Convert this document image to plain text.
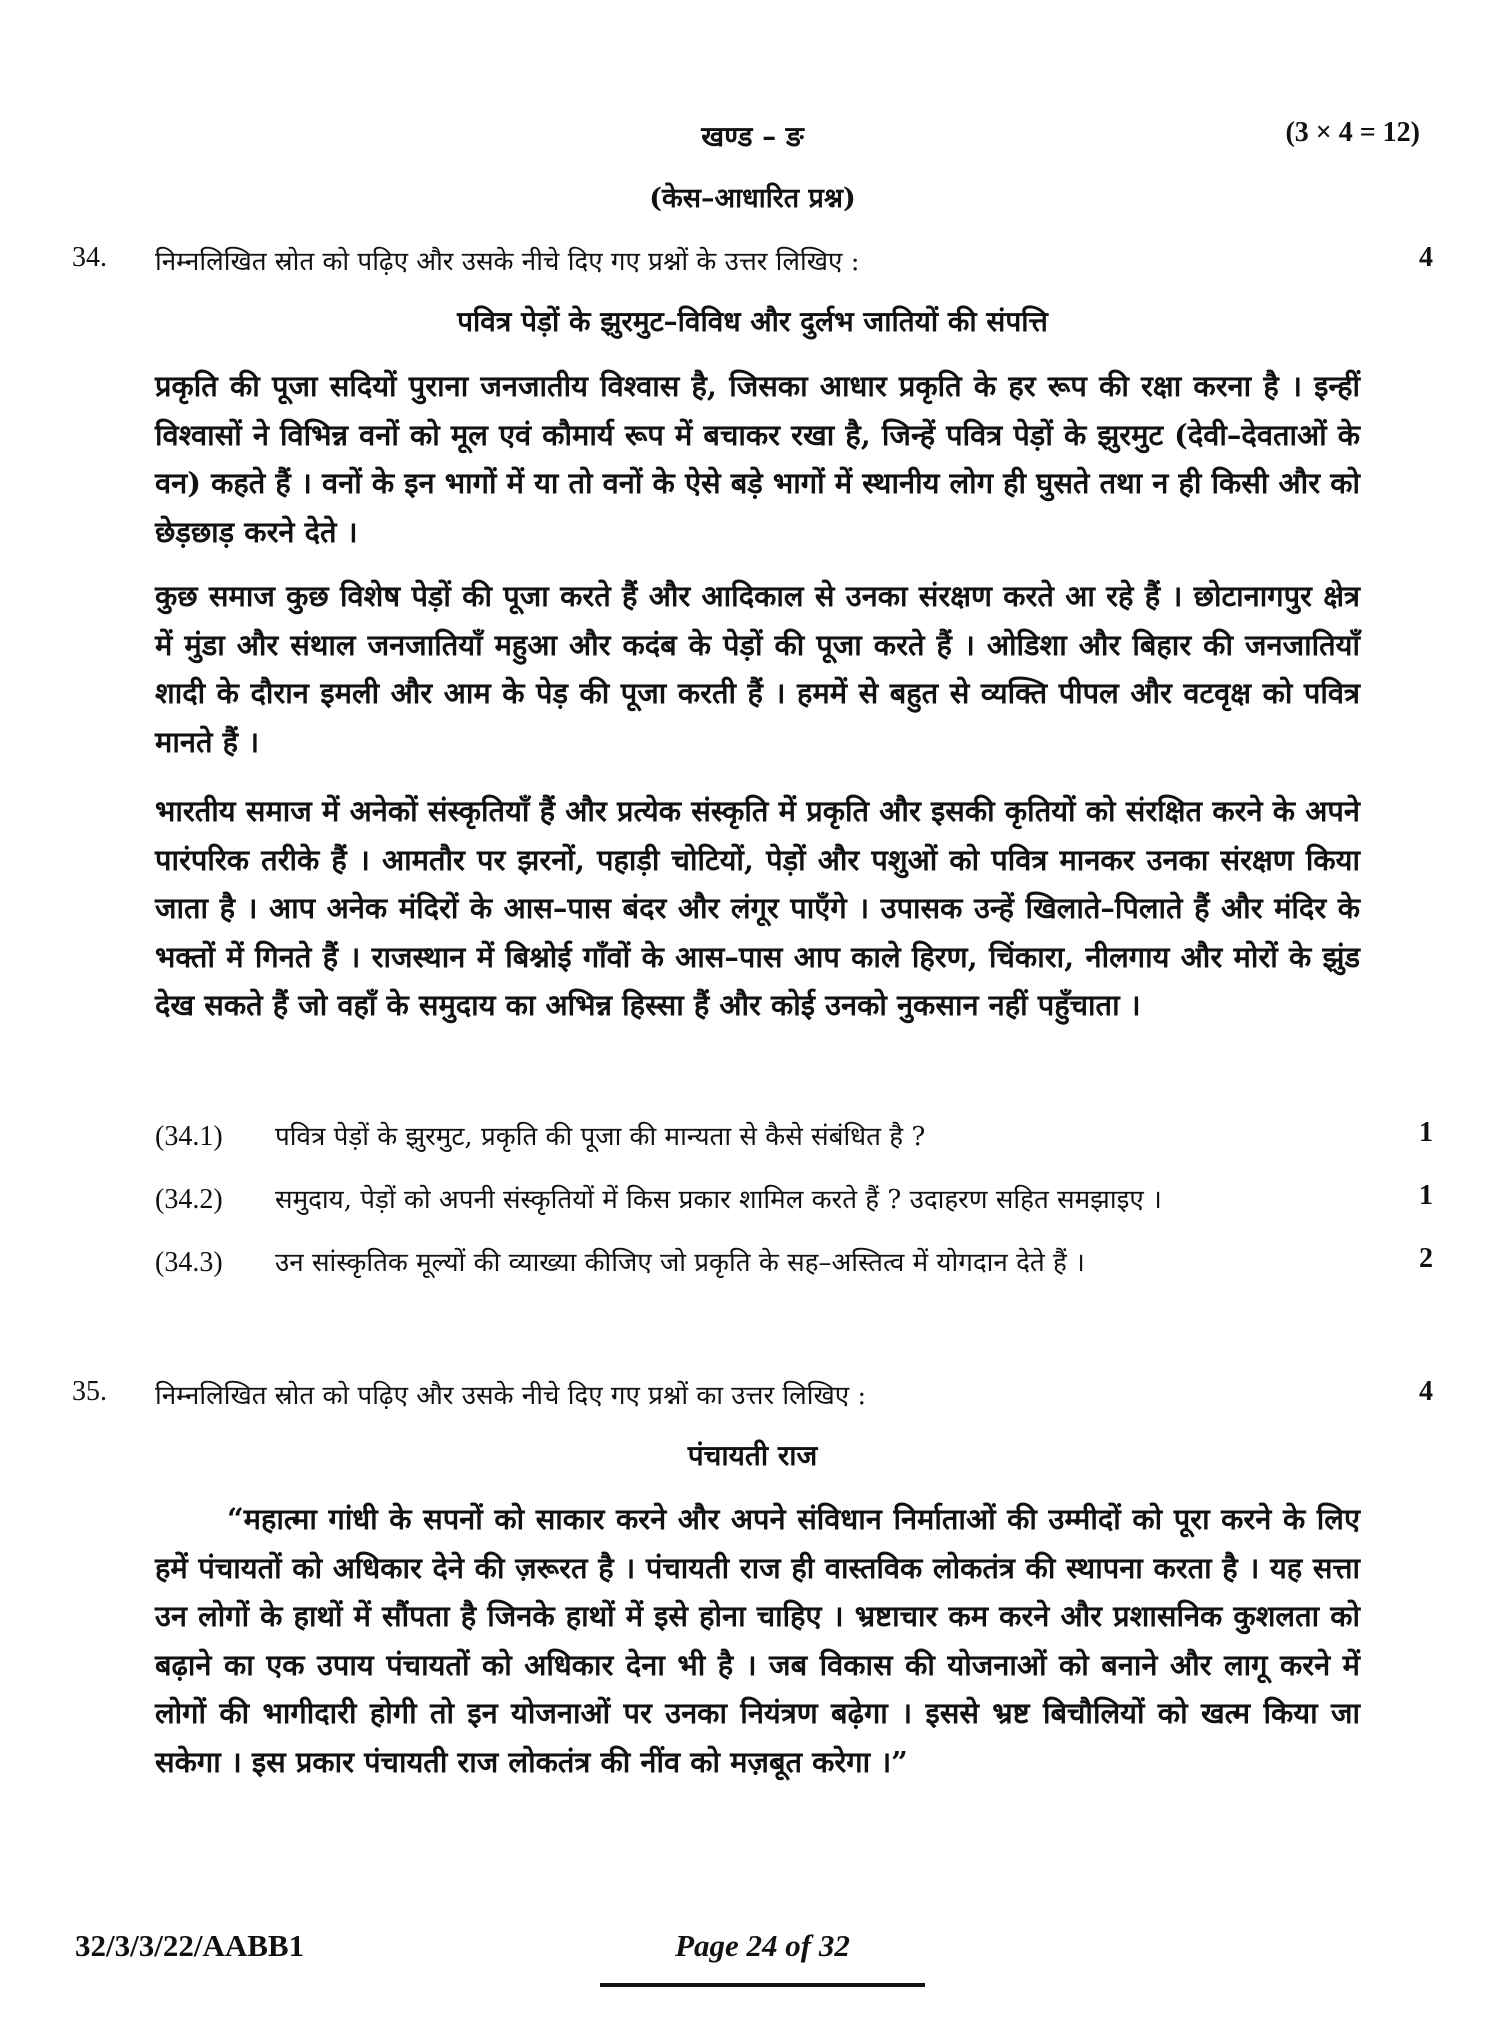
खण्ड – ङ	(3 × 4 = 12)
(केस–आधारित प्रश्न)
34. निम्नलिखित स्रोत को पढ़िए और उसके नीचे दिए गए प्रश्नों के उत्तर लिखिए :	4
पवित्र पेड़ों के झुरमुट–विविध और दुर्लभ जातियों की संपत्ति
प्रकृति की पूजा सदियों पुराना जनजातीय विश्वास है, जिसका आधार प्रकृति के हर रूप की रक्षा करना है । इन्हीं विश्वासों ने विभिन्न वनों को मूल एवं कौमार्य रूप में बचाकर रखा है, जिन्हें पवित्र पेड़ों के झुरमुट (देवी–देवताओं के वन) कहते हैं । वनों के इन भागों में या तो वनों के ऐसे बड़े भागों में स्थानीय लोग ही घुसते तथा न ही किसी और को छेड़छाड़ करने देते ।
कुछ समाज कुछ विशेष पेड़ों की पूजा करते हैं और आदिकाल से उनका संरक्षण करते आ रहे हैं । छोटानागपुर क्षेत्र में मुंडा और संथाल जनजातियाँ महुआ और कदंब के पेड़ों की पूजा करते हैं । ओडिशा और बिहार की जनजातियाँ शादी के दौरान इमली और आम के पेड़ की पूजा करती हैं । हममें से बहुत से व्यक्ति पीपल और वटवृक्ष को पवित्र मानते हैं ।
भारतीय समाज में अनेकों संस्कृतियाँ हैं और प्रत्येक संस्कृति में प्रकृति और इसकी कृतियों को संरक्षित करने के अपने पारंपरिक तरीके हैं । आमतौर पर झरनों, पहाड़ी चोटियों, पेड़ों और पशुओं को पवित्र मानकर उनका संरक्षण किया जाता है । आप अनेक मंदिरों के आस–पास बंदर और लंगूर पाएँगे । उपासक उन्हें खिलाते–पिलाते हैं और मंदिर के भक्तों में गिनते हैं । राजस्थान में बिश्नोई गाँवों के आस–पास आप काले हिरण, चिंकारा, नीलगाय और मोरों के झुंड देख सकते हैं जो वहाँ के समुदाय का अभिन्न हिस्सा हैं और कोई उनको नुकसान नहीं पहुँचाता ।
(34.1) पवित्र पेड़ों के झुरमुट, प्रकृति की पूजा की मान्यता से कैसे संबंधित है ?	1
(34.2) समुदाय, पेड़ों को अपनी संस्कृतियों में किस प्रकार शामिल करते हैं ? उदाहरण सहित समझाइए ।	1
(34.3) उन सांस्कृतिक मूल्यों की व्याख्या कीजिए जो प्रकृति के सह–अस्तित्व में योगदान देते हैं ।	2
35. निम्नलिखित स्रोत को पढ़िए और उसके नीचे दिए गए प्रश्नों का उत्तर लिखिए :	4
पंचायती राज
“महात्मा गांधी के सपनों को साकार करने और अपने संविधान निर्माताओं की उम्मीदों को पूरा करने के लिए हमें पंचायतों को अधिकार देने की ज़रूरत है । पंचायती राज ही वास्तविक लोकतंत्र की स्थापना करता है । यह सत्ता उन लोगों के हाथों में सौंपता है जिनके हाथों में इसे होना चाहिए । भ्रष्टाचार कम करने और प्रशासनिक कुशलता को बढ़ाने का एक उपाय पंचायतों को अधिकार देना भी है । जब विकास की योजनाओं को बनाने और लागू करने में लोगों की भागीदारी होगी तो इन योजनाओं पर उनका नियंत्रण बढ़ेगा । इससे भ्रष्ट बिचौलियों को खत्म किया जा सकेगा । इस प्रकार पंचायती राज लोकतंत्र की नींव को मज़बूत करेगा ।”
32/3/3/22/AABB1	Page 24 of 32
